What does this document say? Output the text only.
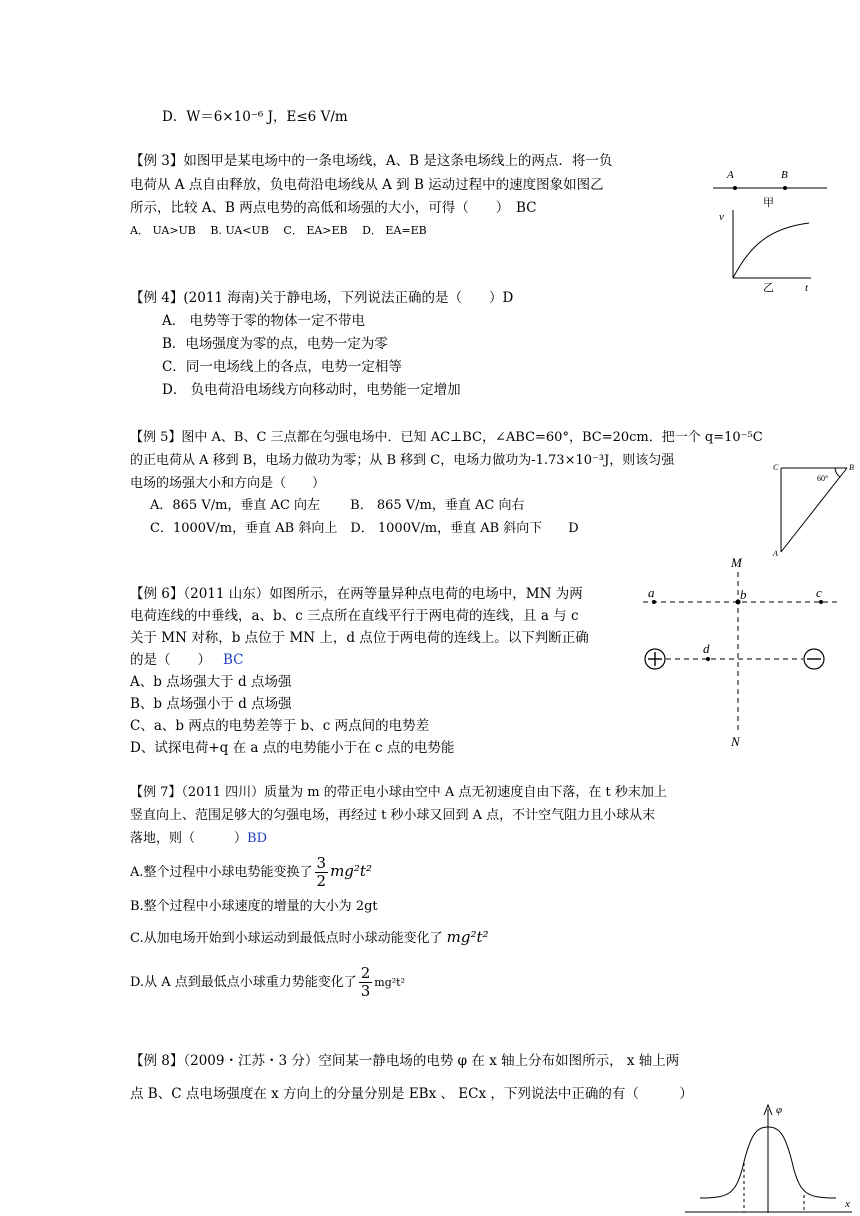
D．W＝6×10⁻⁶ J，E≤6 V/m
【例 3】如图甲是某电场中的一条电场线，A、B 是这条电场线上的两点．将一负
电荷从 A 点自由释放，负电荷沿电场线从 A 到 B 运动过程中的速度图象如图乙
所示，比较 A、B 两点电势的高低和场强的大小，可得（　　）　BC
A． UA>UB　 B. UA<UB　 C． EA>EB　 D． EA=EB
A	B
甲
v
乙	t
【例 4】(2011 海南)关于静电场，下列说法正确的是（　　）D
A． 电势等于零的物体一定不带电
B．电场强度为零的点，电势一定为零
C．同一电场线上的各点，电势一定相等
D． 负电荷沿电场线方向移动时，电势能一定增加
【例 5】图中 A、B、C 三点都在匀强电场中．已知 AC⊥BC，∠ABC=60°，BC=20cm．把一个 q=10⁻⁵C
的正电荷从 A 移到 B，电场力做功为零；从 B 移到 C，电场力做功为-1.73×10⁻³J，则该匀强
电场的场强大小和方向是（　　）
A．865 V/m，垂直 AC 向左　　 B． 865 V/m，垂直 AC 向右
C．1000V/m，垂直 AB 斜向上　D． 1000V/m，垂直 AB 斜向下　　D
C	B
A
60°
【例 6】（2011 山东）如图所示，在两等量异种点电荷的电场中，MN 为两
电荷连线的中垂线，a、b、c 三点所在直线平行于两电荷的连线，且 a 与 c
关于 MN 对称，b 点位于 MN 上，d 点位于两电荷的连线上。以下判断正确
的是（　　） BC
A、b 点场强大于 d 点场强
B、b 点场强小于 d 点场强
C、a、b 两点的电势差等于 b、c 两点间的电势差
D、试探电荷+q 在 a 点的电势能小于在 c 点的电势能
M
N
a	b	c
d
【例 7】（2011 四川）质量为 m 的带正电小球由空中 A 点无初速度自由下落，在 t 秒末加上
竖直向上、范围足够大的匀强电场，再经过 t 秒小球又回到 A 点，不计空气阻力且小球从末
落地，则（　　　）BD
A.整个过程中小球电势能变换了 $\frac{3}{2} mg^2t^2$
B.整个过程中小球速度的增量的大小为 2gt
C.从加电场开始到小球运动到最低点时小球动能变化了 mg²t²
D.从 A 点到最低点小球重力势能变化了 $\frac{2}{3} mg^2t^2$
【例 8】（2009・江苏・3 分）空间某一静电场的电势 φ 在 x 轴上分布如图所示， x 轴上两
点 B、C 点电场强度在 x 方向上的分量分别是 EBx 、 ECx ，下列说法中正确的有（　　　）
φ
x
